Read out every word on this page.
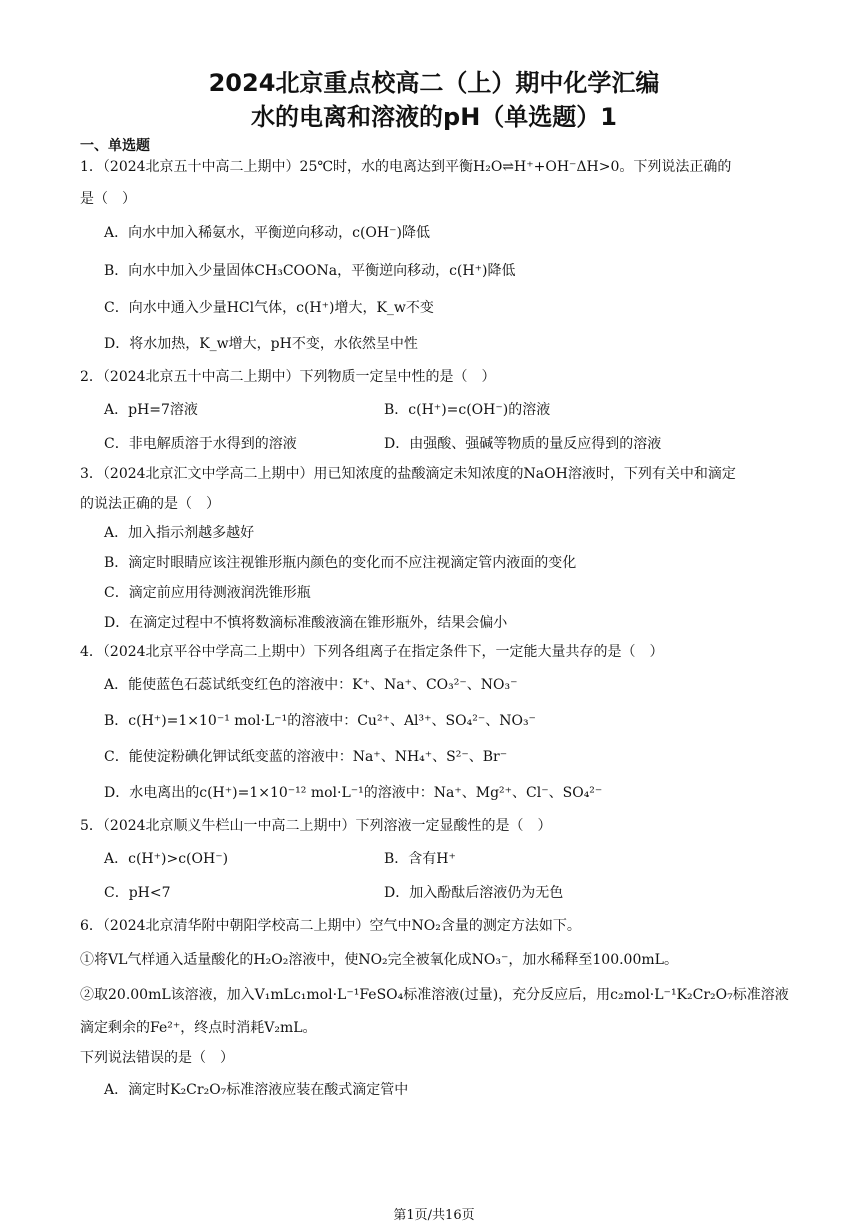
2024北京重点校高二（上）期中化学汇编
水的电离和溶液的pH（单选题）1
一、单选题
1．（2024北京五十中高二上期中）25℃时，水的电离达到平衡H₂O⇌H⁺+OH⁻ΔH>0。下列说法正确的
是（　）
A．向水中加入稀氨水，平衡逆向移动，c(OH⁻)降低
B．向水中加入少量固体CH₃COONa，平衡逆向移动，c(H⁺)降低
C．向水中通入少量HCl气体，c(H⁺)增大，K_w不变
D．将水加热，K_w增大，pH不变，水依然呈中性
2．（2024北京五十中高二上期中）下列物质一定呈中性的是（　）
A．pH=7溶液	B．c(H⁺)=c(OH⁻)的溶液
C．非电解质溶于水得到的溶液	D．由强酸、强碱等物质的量反应得到的溶液
3．（2024北京汇文中学高二上期中）用已知浓度的盐酸滴定未知浓度的NaOH溶液时，下列有关中和滴定
的说法正确的是（　）
A．加入指示剂越多越好
B．滴定时眼睛应该注视锥形瓶内颜色的变化而不应注视滴定管内液面的变化
C．滴定前应用待测液润洗锥形瓶
D．在滴定过程中不慎将数滴标准酸液滴在锥形瓶外，结果会偏小
4．（2024北京平谷中学高二上期中）下列各组离子在指定条件下，一定能大量共存的是（　）
A．能使蓝色石蕊试纸变红色的溶液中：K⁺、Na⁺、CO₃²⁻、NO₃⁻
B．c(H⁺)=1×10⁻¹ mol·L⁻¹的溶液中：Cu²⁺、Al³⁺、SO₄²⁻、NO₃⁻
C．能使淀粉碘化钾试纸变蓝的溶液中：Na⁺、NH₄⁺、S²⁻、Br⁻
D．水电离出的c(H⁺)=1×10⁻¹² mol·L⁻¹的溶液中：Na⁺、Mg²⁺、Cl⁻、SO₄²⁻
5．（2024北京顺义牛栏山一中高二上期中）下列溶液一定显酸性的是（　）
A．c(H⁺)>c(OH⁻)	B．含有H⁺
C．pH<7	D．加入酚酞后溶液仍为无色
6．（2024北京清华附中朝阳学校高二上期中）空气中NO₂含量的测定方法如下。
①将VL气样通入适量酸化的H₂O₂溶液中，使NO₂完全被氧化成NO₃⁻，加水稀释至100.00mL。
②取20.00mL该溶液，加入V₁mLc₁mol·L⁻¹FeSO₄标准溶液(过量)，充分反应后，用c₂mol·L⁻¹K₂Cr₂O₇标准溶液
滴定剩余的Fe²⁺，终点时消耗V₂mL。
下列说法错误的是（　）
A．滴定时K₂Cr₂O₇标准溶液应装在酸式滴定管中
第1页/共16页
